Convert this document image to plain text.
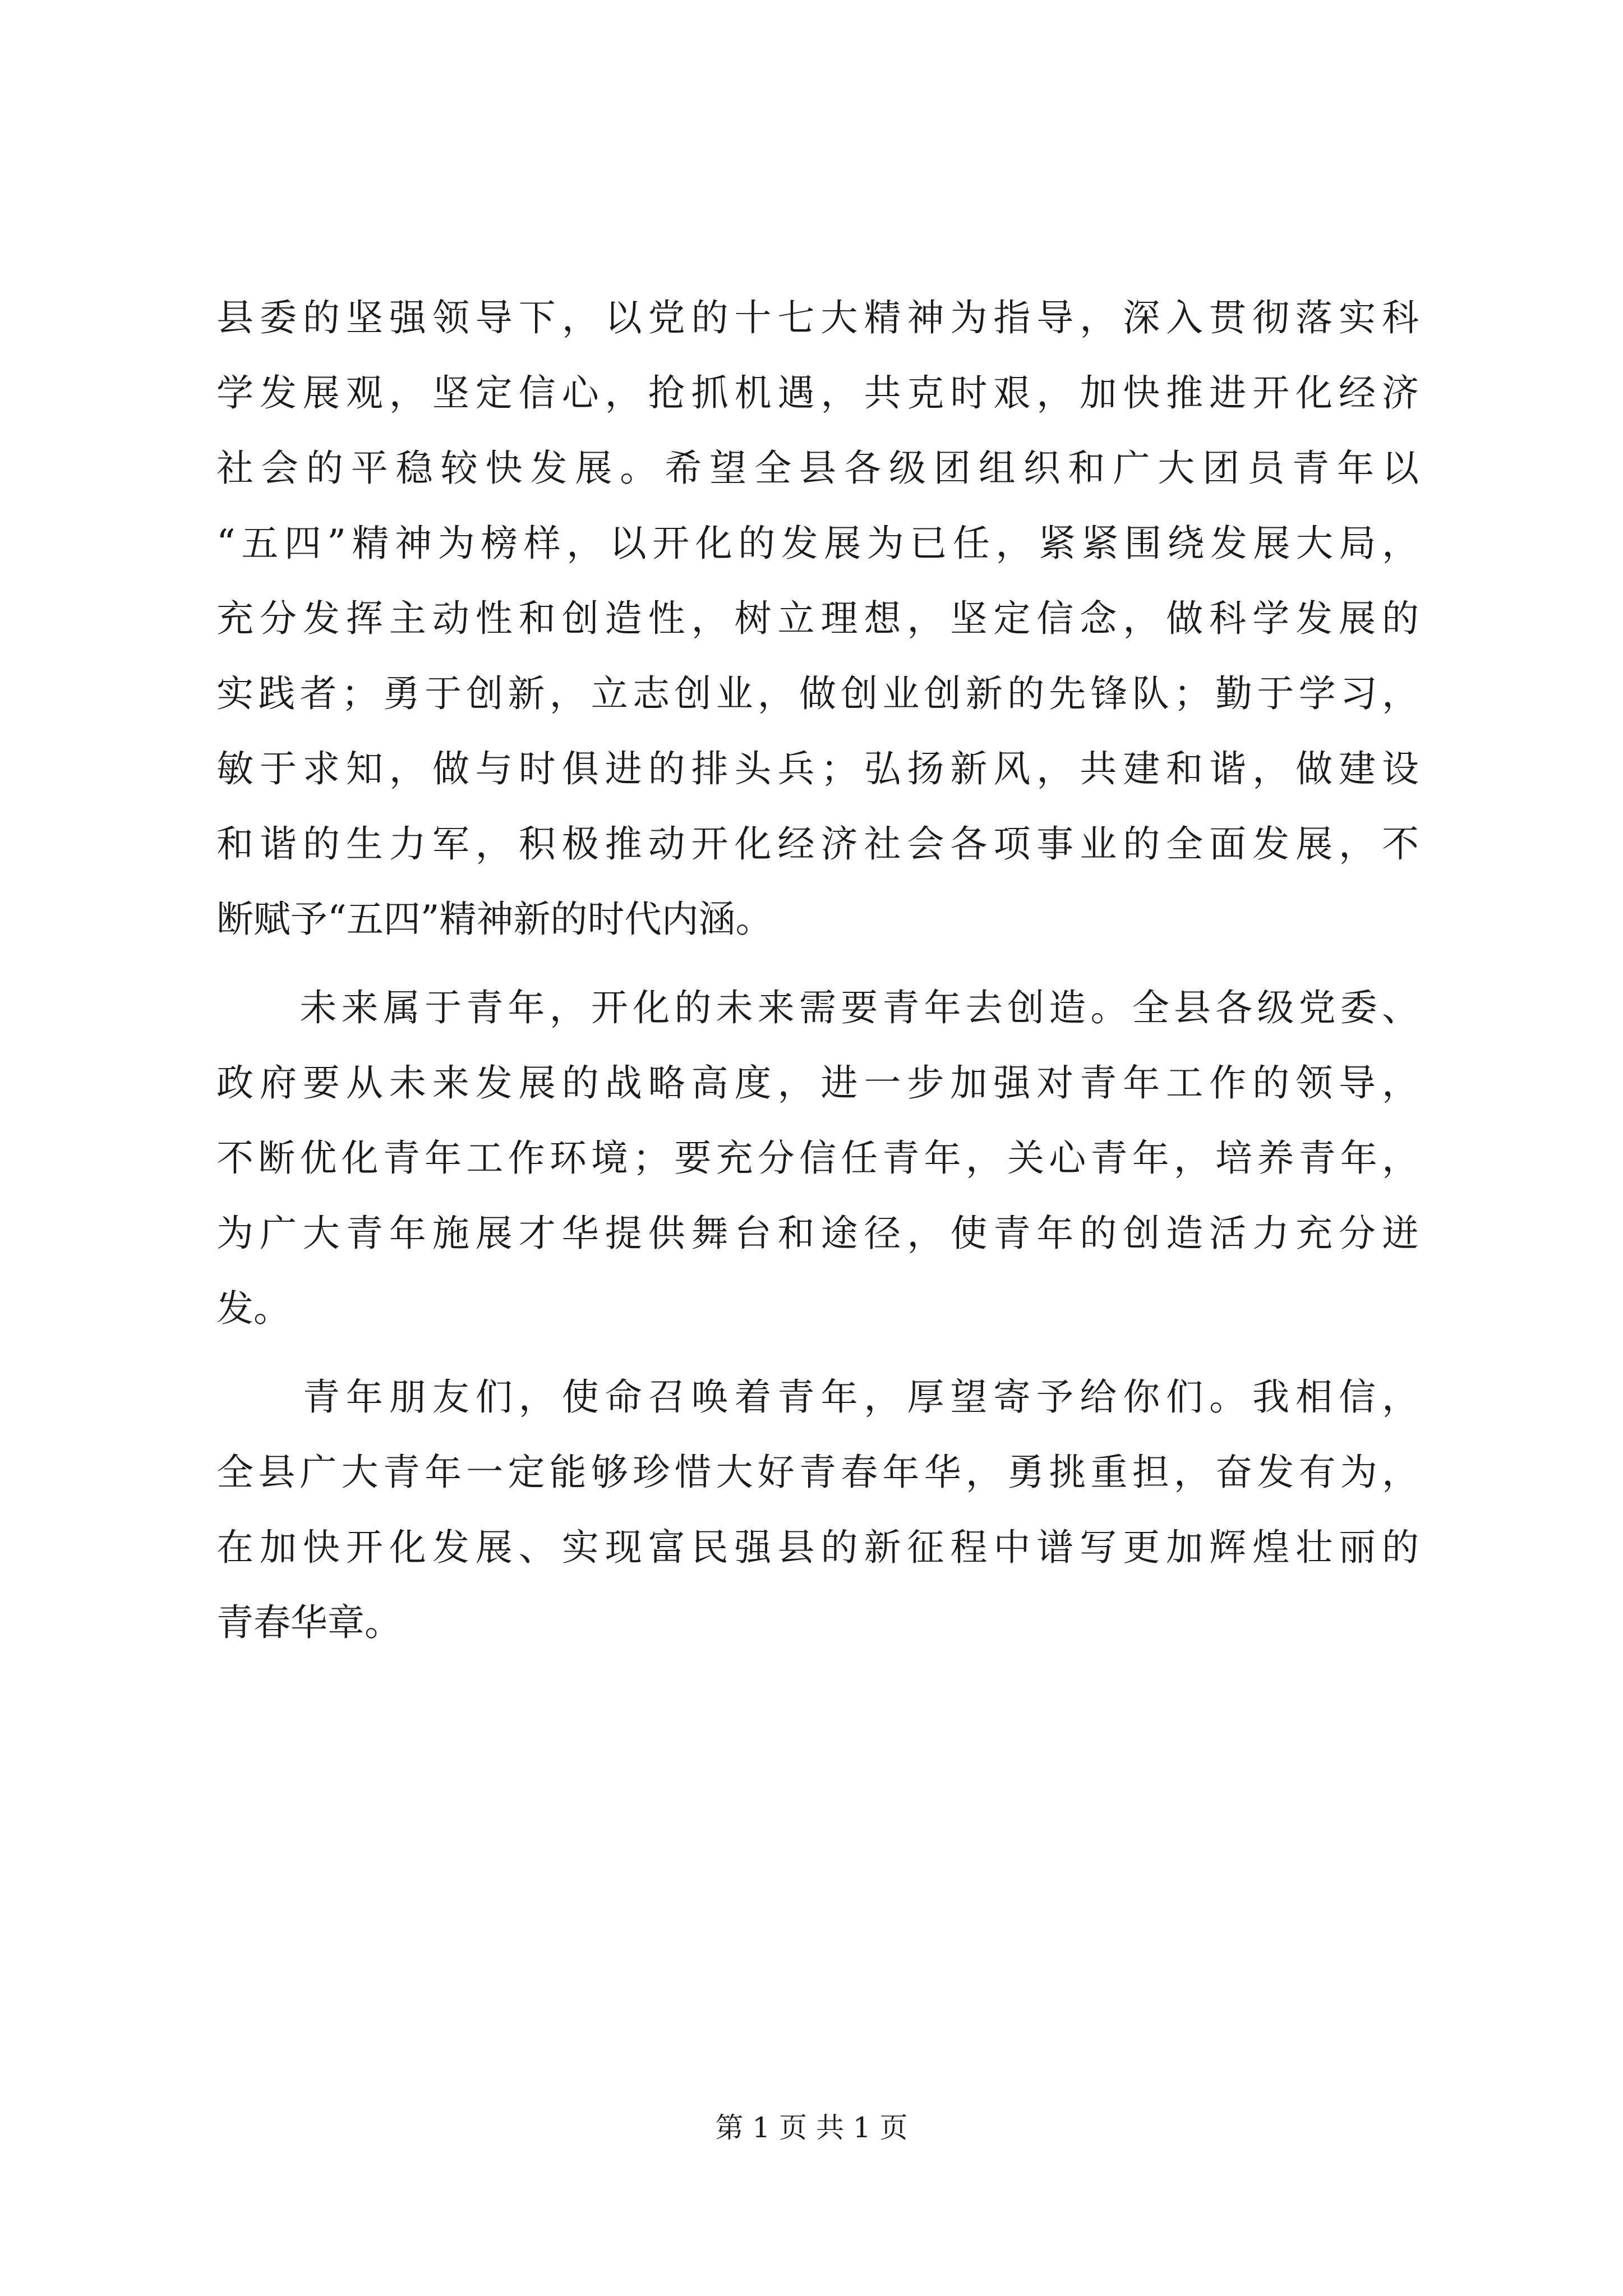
县委的坚强领导下，以党的十七大精神为指导，深入贯彻落实科
学发展观，坚定信心，抢抓机遇，共克时艰，加快推进开化经济
社会的平稳较快发展。希望全县各级团组织和广大团员青年以
“五四”精神为榜样，以开化的发展为已任，紧紧围绕发展大局，
充分发挥主动性和创造性，树立理想，坚定信念，做科学发展的
实践者；勇于创新，立志创业，做创业创新的先锋队；勤于学习，
敏于求知，做与时俱进的排头兵；弘扬新风，共建和谐，做建设
和谐的生力军，积极推动开化经济社会各项事业的全面发展，不
断赋予“五四”精神新的时代内涵。
　　未来属于青年，开化的未来需要青年去创造。全县各级党委、
政府要从未来发展的战略高度，进一步加强对青年工作的领导，
不断优化青年工作环境；要充分信任青年，关心青年，培养青年，
为广大青年施展才华提供舞台和途径，使青年的创造活力充分迸
发。
　　青年朋友们，使命召唤着青年，厚望寄予给你们。我相信，
全县广大青年一定能够珍惜大好青春年华，勇挑重担，奋发有为，
在加快开化发展、实现富民强县的新征程中谱写更加辉煌壮丽的
青春华章。
第 1 页 共 1 页
